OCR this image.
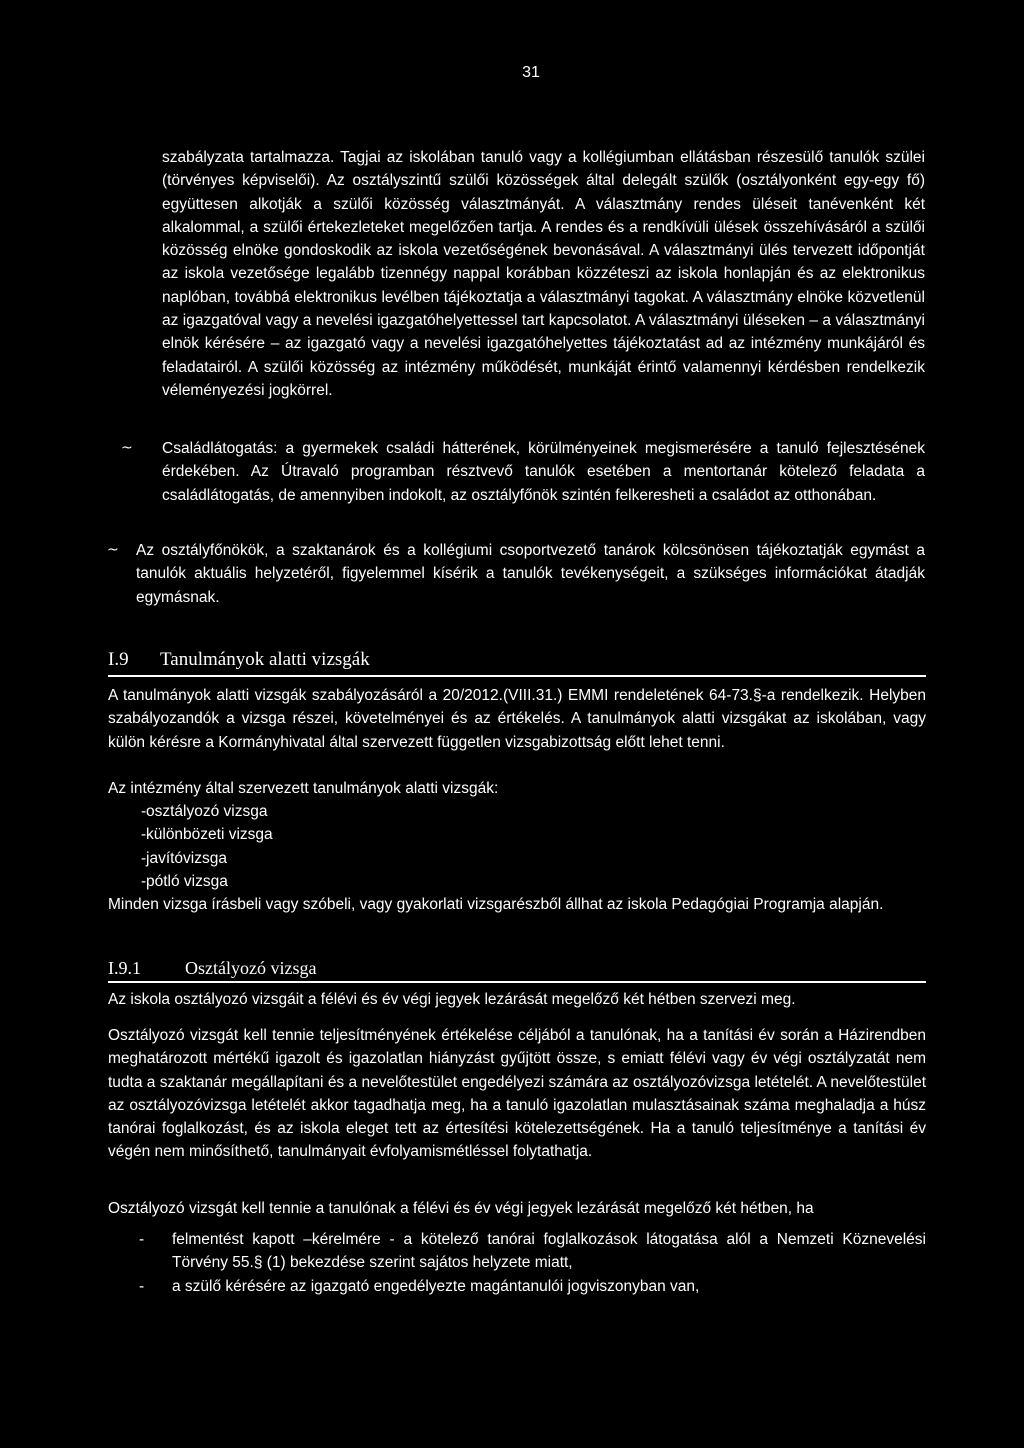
31

szabályzata tartalmazza. Tagjai az iskolában tanuló vagy a kollégiumban ellátásban részesülő tanulók szülei (törvényes képviselői). Az osztályszintű szülői közösségek által delegált szülők (osztályonként egy-egy fő) együttesen alkotják a szülői közösség választmányát. A választmány rendes üléseit tanévenként két alkalommal, a szülői értekezleteket megelőzően tartja. A rendes és a rendkívüli ülések összehívásáról a szülői közösség elnöke gondoskodik az iskola vezetőségének bevonásával. A választmányi ülés tervezett időpontját az iskola vezetősége legalább tizennégy nappal korábban közzéteszi az iskola honlapján és az elektronikus naplóban, továbbá elektronikus levélben tájékoztatja a választmányi tagokat. A választmány elnöke közvetlenül az igazgatóval vagy a nevelési igazgatóhelyettessel tart kapcsolatot. A választmányi üléseken – a választmányi elnök kérésére – az igazgató vagy a nevelési igazgatóhelyettes tájékoztatást ad az intézmény munkájáról és feladatairól. A szülői közösség az intézmény működését, munkáját érintő valamennyi kérdésben rendelkezik véleményezési jogkörrel.

~ Családlátogatás: a gyermekek családi hátterének, körülményeinek megismerésére a tanuló fejlesztésének érdekében. Az Útravaló programban résztvevő tanulók esetében a mentortanár kötelező feladata a családlátogatás, de amennyiben indokolt, az osztályfőnök szintén felkeresheti a családot az otthonában.

~ Az osztályfőnökök, a szaktanárok és a kollégiumi csoportvezető tanárok kölcsönösen tájékoztatják egymást a tanulók aktuális helyzetéről, figyelemmel kísérik a tanulók tevékenységeit, a szükséges információkat átadják egymásnak.

I.9 Tanulmányok alatti vizsgák

A tanulmányok alatti vizsgák szabályozásáról a 20/2012.(VIII.31.) EMMI rendeletének 64-73.§-a rendelkezik. Helyben szabályozandók a vizsga részei, követelményei és az értékelés. A tanulmányok alatti vizsgákat az iskolában, vagy külön kérésre a Kormányhivatal által szervezett független vizsgabizottság előtt lehet tenni.

Az intézmény által szervezett tanulmányok alatti vizsgák:

- osztályozó vizsga
- különbözeti vizsga
- javítóvizsga
- pótló vizsga

Minden vizsga írásbeli vagy szóbeli, vagy gyakorlati vizsgarészből állhat az iskola Pedagógiai Programja alapján.

I.9.1 Osztályozó vizsga

Az iskola osztályozó vizsgáit a félévi és év végi jegyek lezárását megelőző két hétben szervezi meg.

Osztályozó vizsgát kell tennie teljesítményének értékelése céljából a tanulónak, ha a tanítási év során a Házirendben meghatározott mértékű igazolt és igazolatlan hiányzást gyűjtött össze, s emiatt félévi vagy év végi osztályzatát nem tudta a szaktanár megállapítani és a nevelőtestület engedélyezi számára az osztályozóvizsga letételét. A nevelőtestület az osztályozóvizsga letételét akkor tagadhatja meg, ha a tanuló igazolatlan mulasztásainak száma meghaladja a húsz tanórai foglalkozást, és az iskola eleget tett az értesítési kötelezettségének. Ha a tanuló teljesítménye a tanítási év végén nem minősíthető, tanulmányait évfolyamismétléssel folytathatja.

Osztályozó vizsgát kell tennie a tanulónak a félévi és év végi jegyek lezárását megelőző két hétben, ha

- felmentést kapott –kérelmére - a kötelező tanórai foglalkozások látogatása alól a Nemzeti Köznevelési Törvény 55.§ (1) bekezdése szerint sajátos helyzete miatt,
- a szülő kérésére az igazgató engedélyezte magántanulói jogviszonyban van,
